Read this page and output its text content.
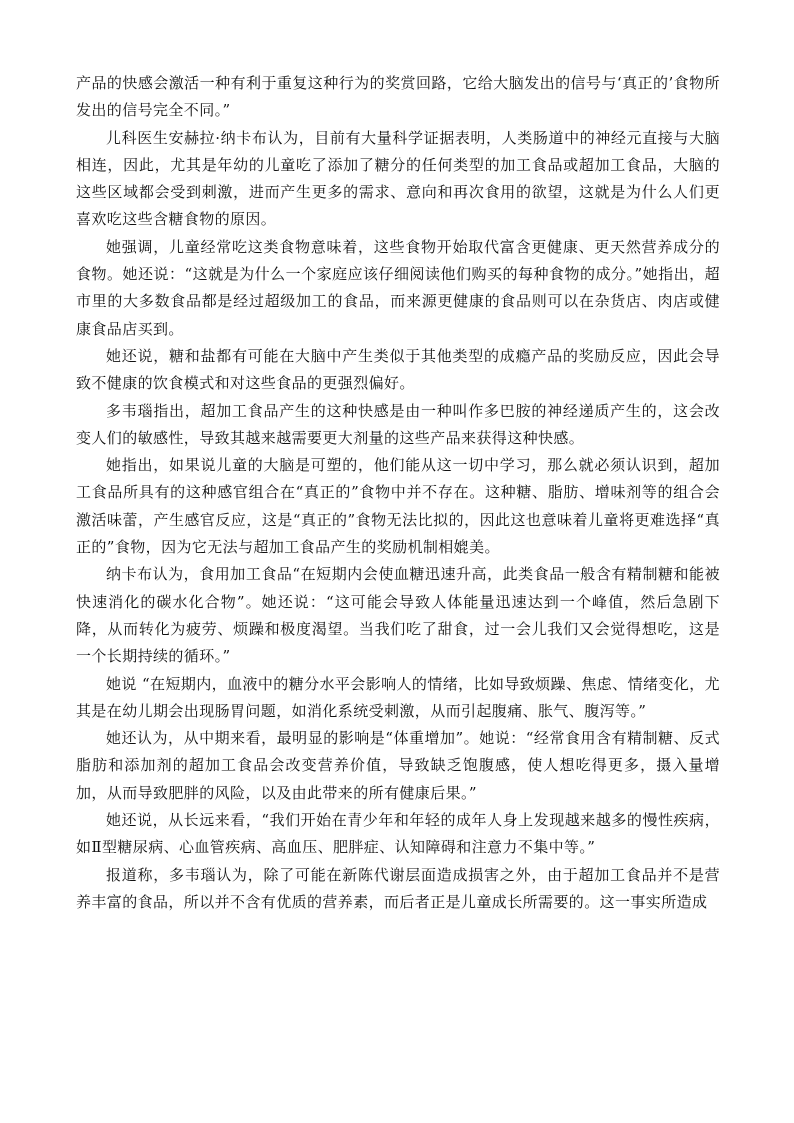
产品的快感会激活一种有利于重复这种行为的奖赏回路，它给大脑发出的信号与‘真正的’食物所发出的信号完全不同。”

儿科医生安赫拉·纳卡布认为，目前有大量科学证据表明，人类肠道中的神经元直接与大脑相连，因此，尤其是年幼的儿童吃了添加了糖分的任何类型的加工食品或超加工食品，大脑的这些区域都会受到刺激，进而产生更多的需求、意向和再次食用的欲望，这就是为什么人们更喜欢吃这些含糖食物的原因。

她强调，儿童经常吃这类食物意味着，这些食物开始取代富含更健康、更天然营养成分的食物。她还说：“这就是为什么一个家庭应该仔细阅读他们购买的每种食物的成分。”她指出，超市里的大多数食品都是经过超级加工的食品，而来源更健康的食品则可以在杂货店、肉店或健康食品店买到。

她还说，糖和盐都有可能在大脑中产生类似于其他类型的成瘾产品的奖励反应，因此会导致不健康的饮食模式和对这些食品的更强烈偏好。

多韦瑙指出，超加工食品产生的这种快感是由一种叫作多巴胺的神经递质产生的，这会改变人们的敏感性，导致其越来越需要更大剂量的这些产品来获得这种快感。

她指出，如果说儿童的大脑是可塑的，他们能从这一切中学习，那么就必须认识到，超加工食品所具有的这种感官组合在“真正的”食物中并不存在。这种糖、脂肪、增味剂等的组合会激活味蕾，产生感官反应，这是“真正的”食物无法比拟的，因此这也意味着儿童将更难选择“真正的”食物，因为它无法与超加工食品产生的奖励机制相媲美。

纳卡布认为，食用加工食品“在短期内会使血糖迅速升高，此类食品一般含有精制糖和能被快速消化的碳水化合物”。她还说：“这可能会导致人体能量迅速达到一个峰值，然后急剧下降，从而转化为疲劳、烦躁和极度渴望。当我们吃了甜食，过一会儿我们又会觉得想吃，这是一个长期持续的循环。”

她说 “在短期内，血液中的糖分水平会影响人的情绪，比如导致烦躁、焦虑、情绪变化，尤其是在幼儿期会出现肠胃问题，如消化系统受刺激，从而引起腹痛、胀气、腹泻等。”

她还认为，从中期来看，最明显的影响是“体重增加”。她说：“经常食用含有精制糖、反式脂肪和添加剂的超加工食品会改变营养价值，导致缺乏饱腹感，使人想吃得更多，摄入量增加，从而导致肥胖的风险，以及由此带来的所有健康后果。”

她还说，从长远来看，“我们开始在青少年和年轻的成年人身上发现越来越多的慢性疾病，如Ⅱ型糖尿病、心血管疾病、高血压、肥胖症、认知障碍和注意力不集中等。”

报道称，多韦瑙认为，除了可能在新陈代谢层面造成损害之外，由于超加工食品并不是营养丰富的食品，所以并不含有优质的营养素，而后者正是儿童成长所需要的。这一事实所造成
